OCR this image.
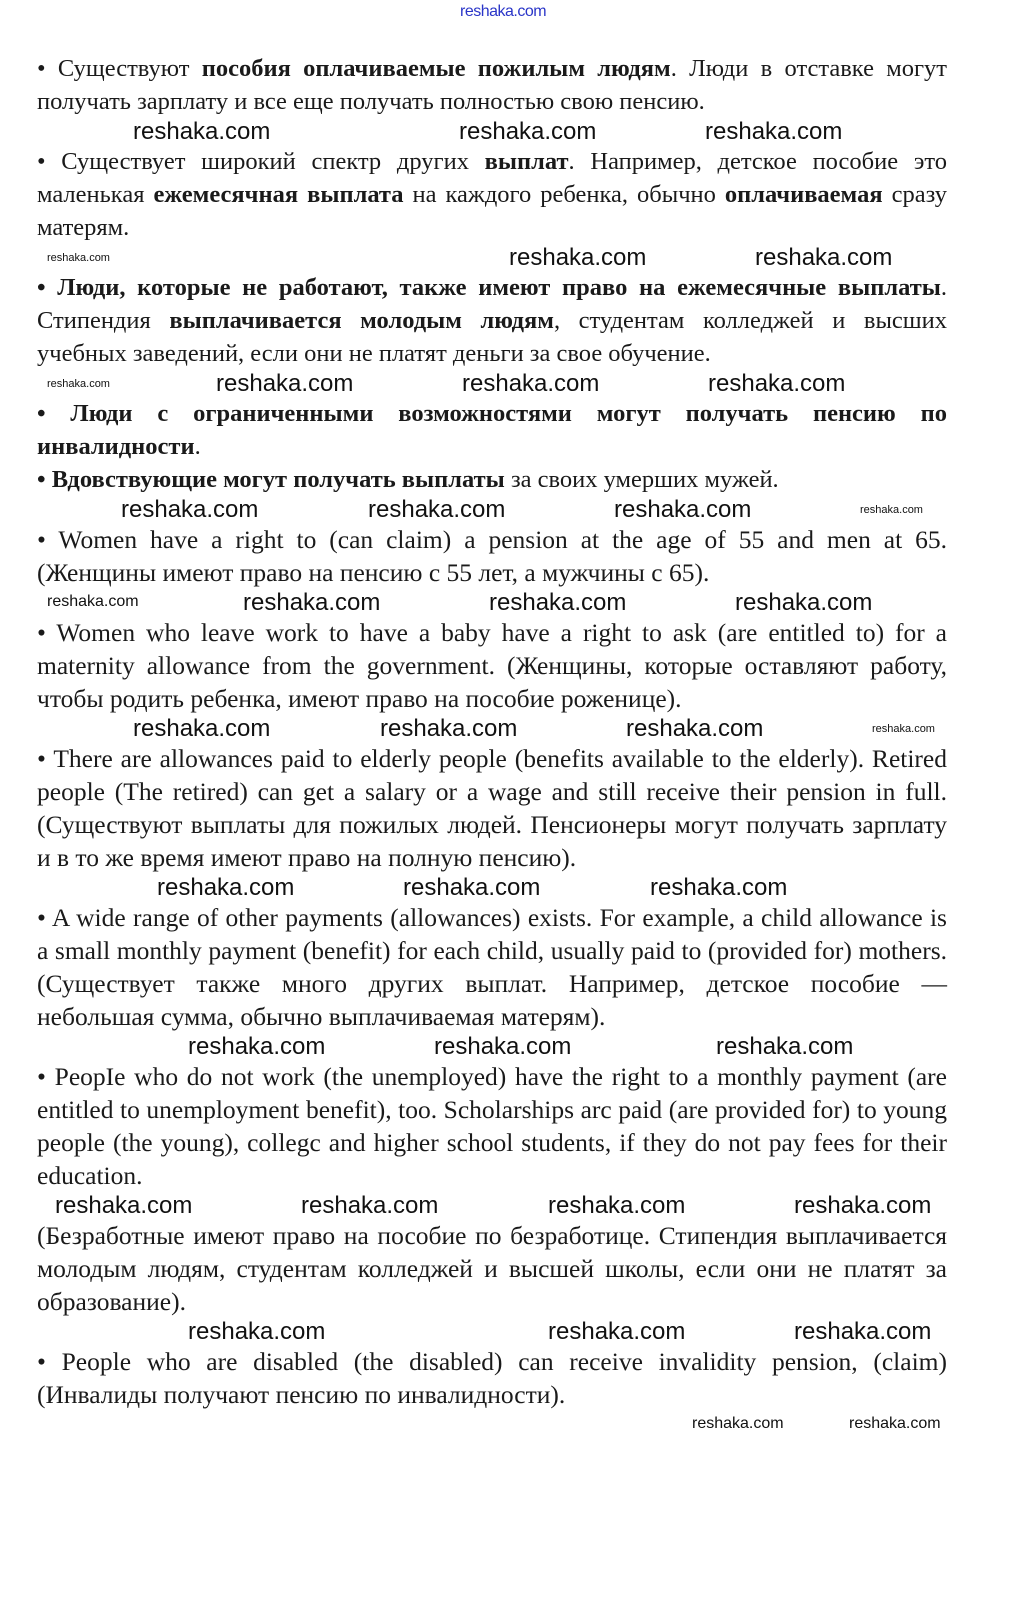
reshaka.com

• Существуют пособия оплачиваемые пожилым людям. Люди в отставке могут получать зарплату и все еще получать полностью свою пенсию.

reshaka.com	reshaka.com	reshaka.com

• Существует широкий спектр других выплат. Например, детское пособие это маленькая ежемесячная выплата на каждого ребенка, обычно оплачиваемая сразу матерям.

reshaka.com	reshaka.com	reshaka.com

• Люди, которые не работают, также имеют право на ежемесячные выплаты. Стипендия выплачивается молодым людям, студентам колледжей и высших учебных заведений, если они не платят деньги за свое обучение.

reshaka.com	reshaka.com	reshaka.com	reshaka.com

• Люди с ограниченными возможностями могут получать пенсию по инвалидности.

• Вдовствующие могут получать выплаты за своих умерших мужей.

reshaka.com	reshaka.com	reshaka.com	reshaka.com

• Women have a right to (can claim) a pension at the age of 55 and men at 65. (Женщины имеют право на пенсию с 55 лет, а мужчины с 65).

reshaka.com	reshaka.com	reshaka.com	reshaka.com

• Women who leave work to have a baby have a right to ask (are entitled to) for a maternity allowance from the government. (Женщины, которые оставляют работу, чтобы родить ребенка, имеют право на пособие роженице).

reshaka.com	reshaka.com	reshaka.com	reshaka.com

• There are allowances paid to elderly people (benefits available to the elderly). Retired people (The retired) can get a salary or a wage and still receive their pension in full. (Существуют выплаты для пожилых людей. Пенсионеры могут получать зарплату и в то же время имеют право на полную пенсию).

reshaka.com	reshaka.com	reshaka.com

• A wide range of other payments (allowances) exists. For example, a child allowance is a small monthly payment (benefit) for each child, usually paid to (provided for) mothers. (Существует также много других выплат. Например, детское пособие — небольшая сумма, обычно выплачиваемая матерям).

reshaka.com	reshaka.com	reshaka.com

• PeopIe who do not work (the unemployed) have the right to a monthly payment (are entitled to unemployment benefit), too. Scholarships arc paid (are provided for) to young people (the young), collegc and higher school students, if they do not pay fees for their education.

reshaka.com	reshaka.com	reshaka.com	reshaka.com

(Безработные имеют право на пособие по безработице. Стипендия выплачивается молодым людям, студентам колледжей и высшей школы, если они не платят за образование).

reshaka.com	reshaka.com	reshaka.com

• People who are disabled (the disabled) can receive invalidity pension, (claim) (Инвалиды получают пенсию по инвалидности).

reshaka.com	reshaka.com
